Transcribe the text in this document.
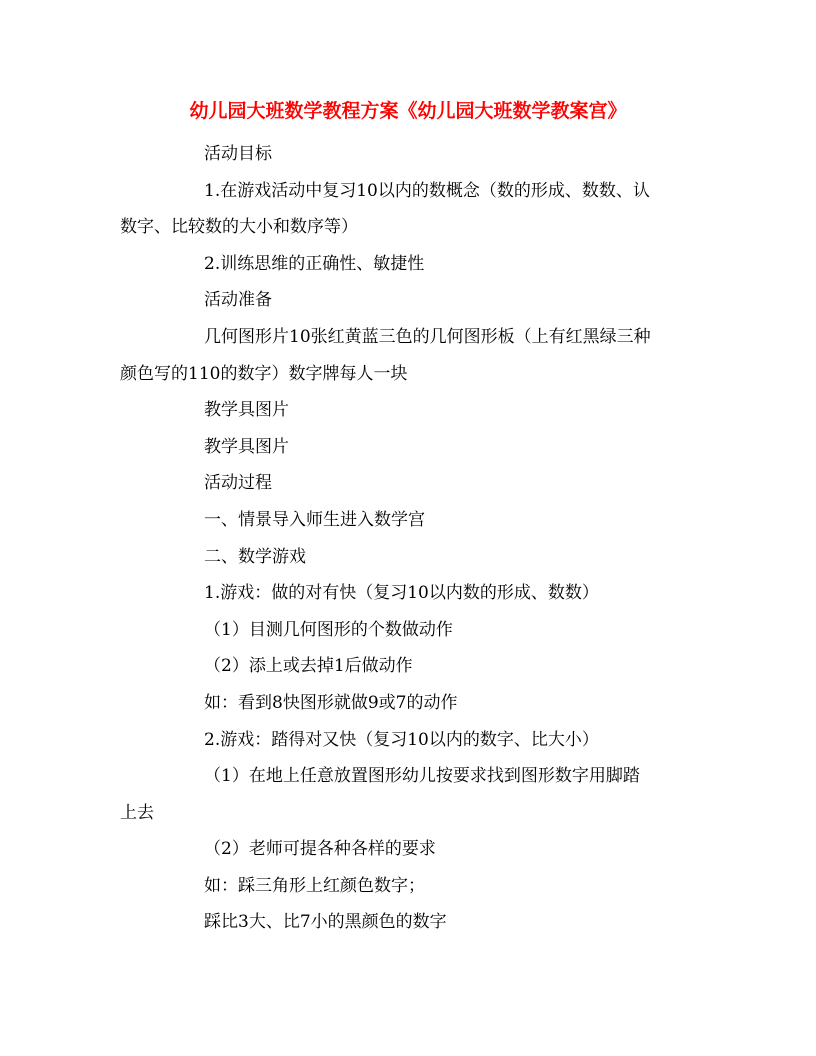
幼儿园大班数学教程方案《幼儿园大班数学教案宫》

活动目标

1.在游戏活动中复习10以内的数概念（数的形成、数数、认

数字、比较数的大小和数序等）

2.训练思维的正确性、敏捷性

活动准备

几何图形片10张红黄蓝三色的几何图形板（上有红黑绿三种

颜色写的110的数字）数字牌每人一块

教学具图片

教学具图片

活动过程

一、情景导入师生进入数学宫

二、数学游戏

1.游戏：做的对有快（复习10以内数的形成、数数）

（1）目测几何图形的个数做动作

（2）添上或去掉1后做动作

如：看到8快图形就做9或7的动作

2.游戏：踏得对又快（复习10以内的数字、比大小）

（1）在地上任意放置图形幼儿按要求找到图形数字用脚踏

上去

（2）老师可提各种各样的要求

如：踩三角形上红颜色数字；

踩比3大、比7小的黑颜色的数字
